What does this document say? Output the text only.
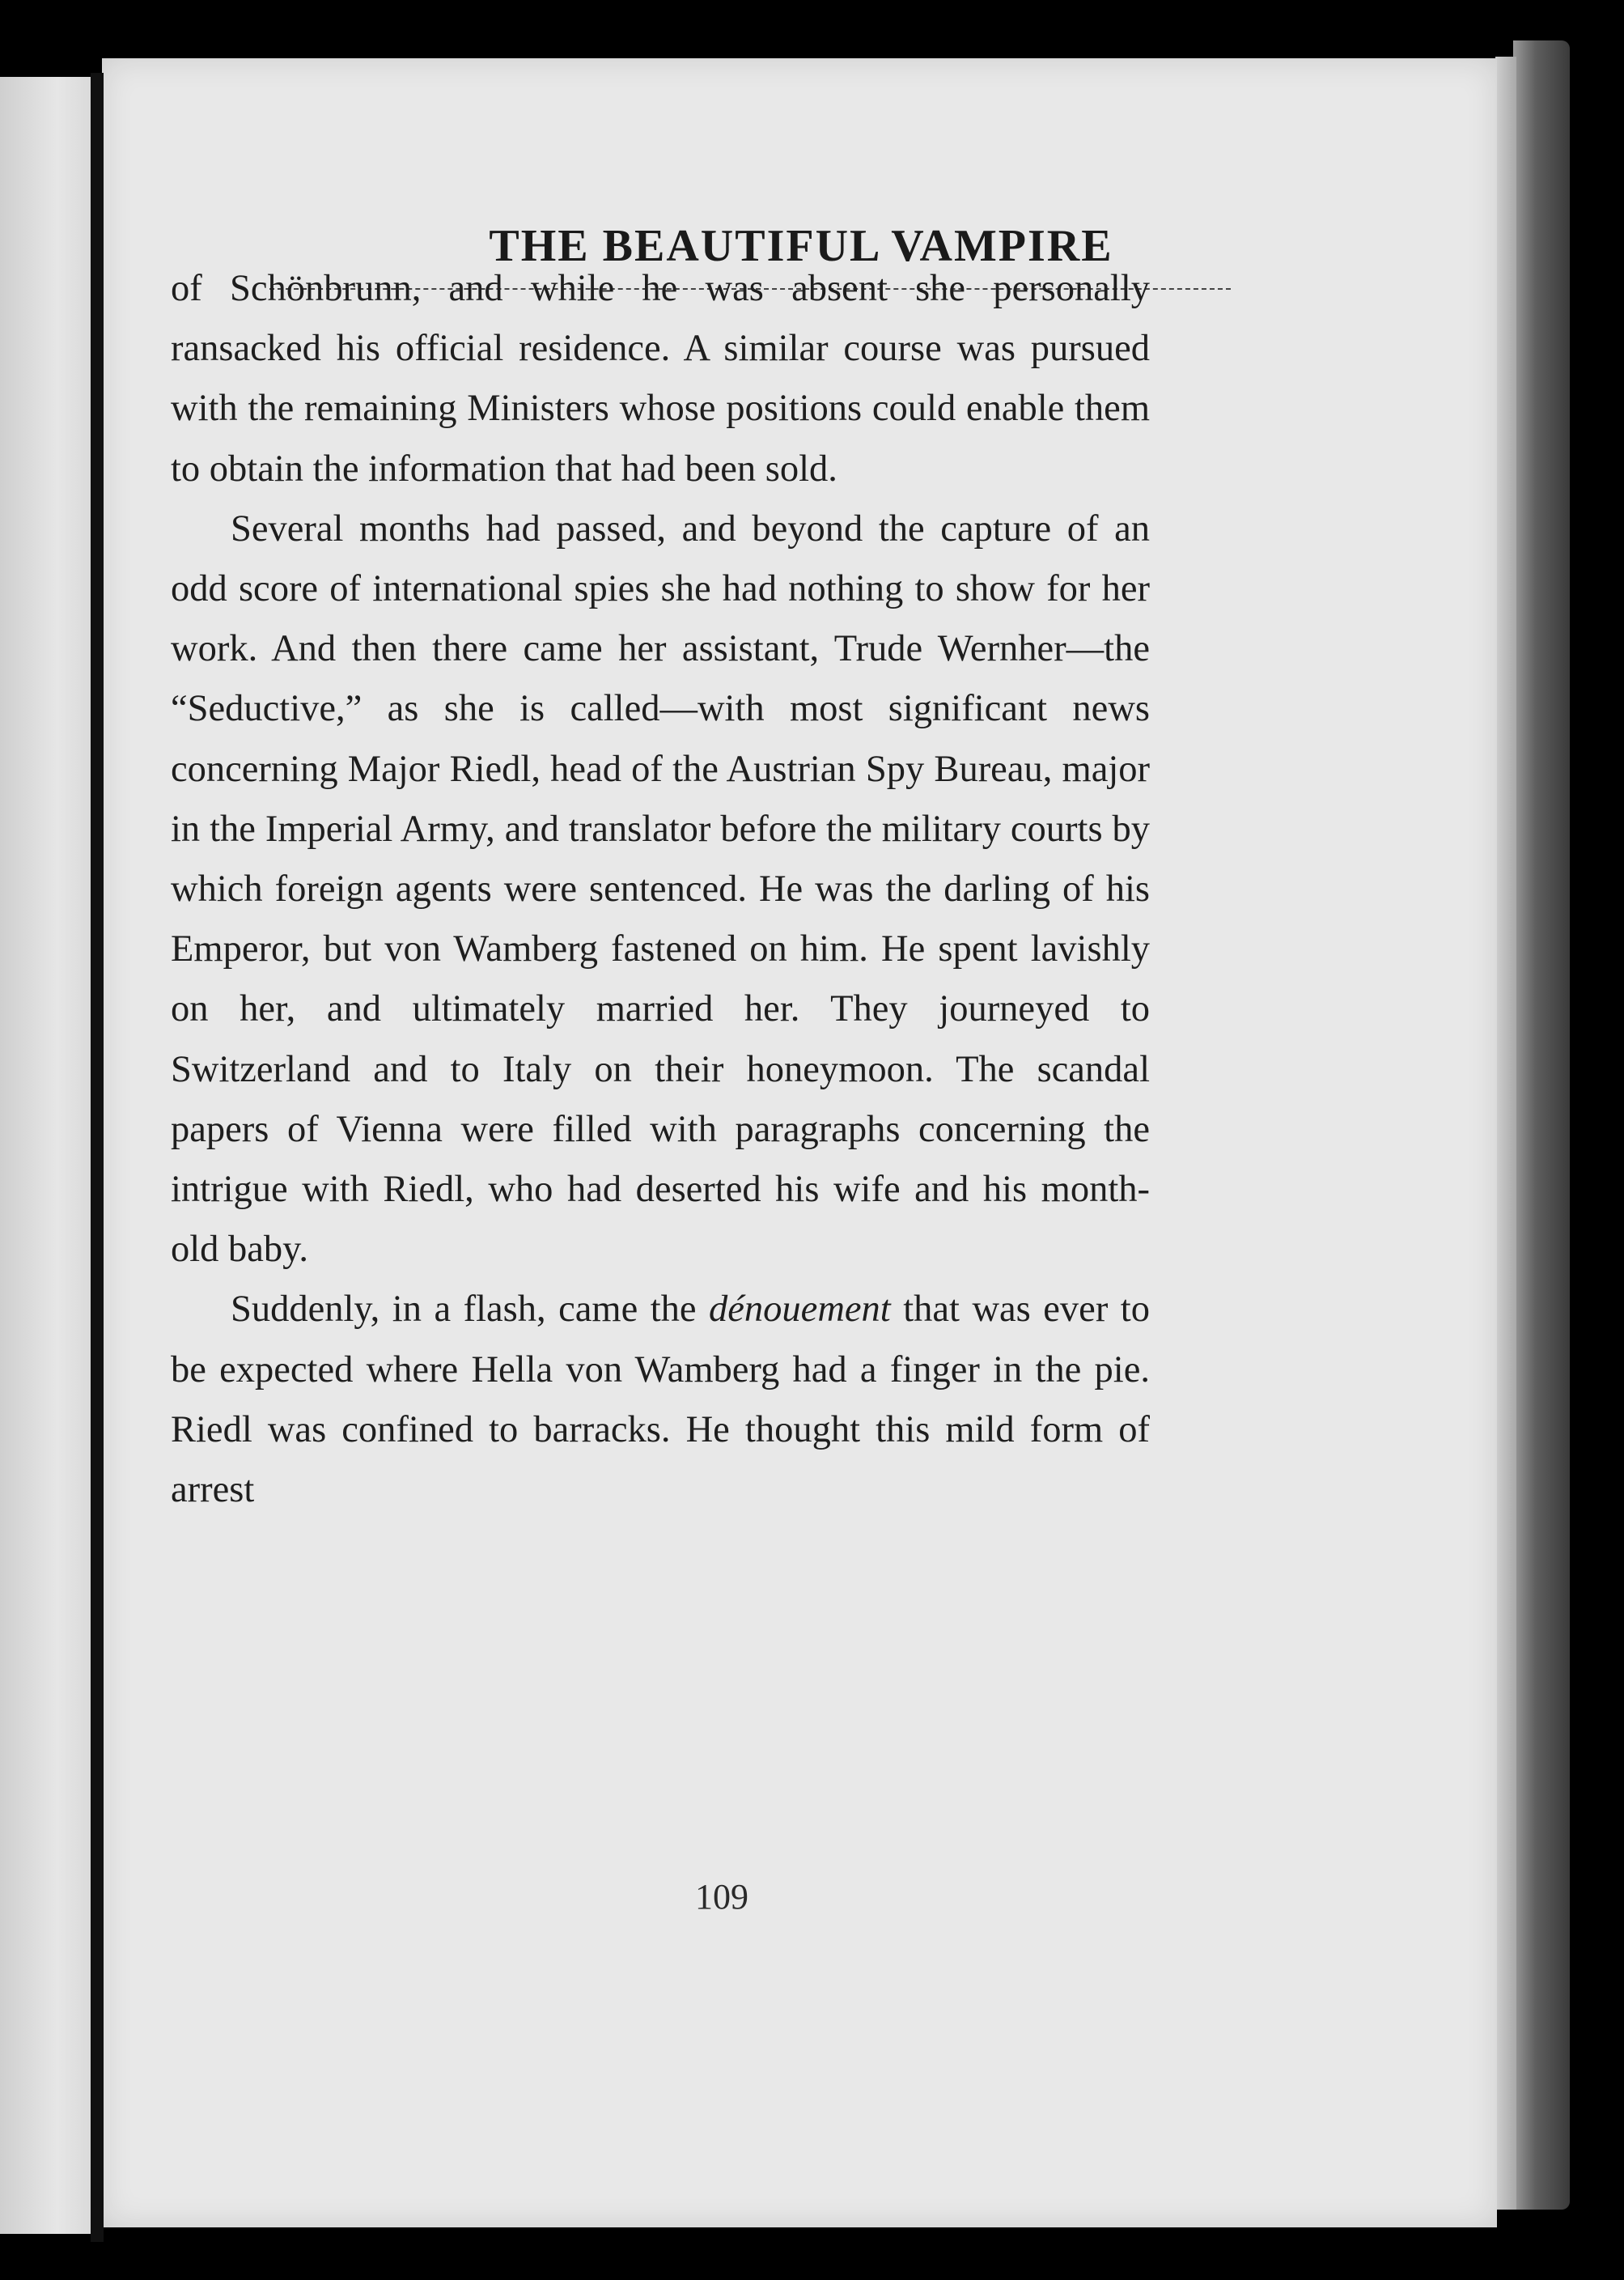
THE BEAUTIFUL VAMPIRE

of Schönbrunn, and while he was absent she personally ransacked his official residence. A similar course was pursued with the remaining Ministers whose positions could enable them to obtain the information that had been sold.

Several months had passed, and beyond the capture of an odd score of international spies she had nothing to show for her work. And then there came her assistant, Trude Wernher—the “Seductive,” as she is called—with most significant news concerning Major Riedl, head of the Austrian Spy Bureau, major in the Imperial Army, and translator before the military courts by which foreign agents were sentenced. He was the darling of his Emperor, but von Wamberg fastened on him. He spent lavishly on her, and ultimately married her. They journeyed to Switzerland and to Italy on their honeymoon. The scandal papers of Vienna were filled with paragraphs concerning the intrigue with Riedl, who had deserted his wife and his month-old baby.

Suddenly, in a flash, came the dénouement that was ever to be expected where Hella von Wamberg had a finger in the pie. Riedl was confined to barracks. He thought this mild form of arrest

109
